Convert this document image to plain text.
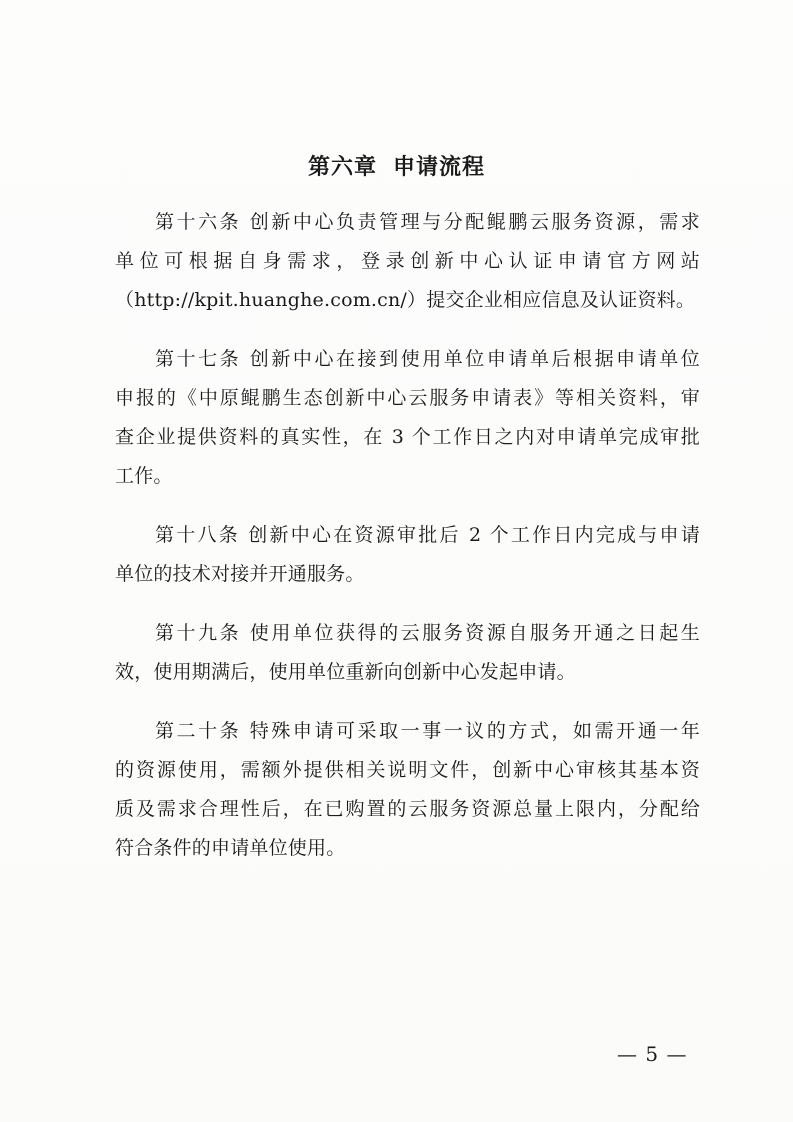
第六章 申请流程
第十六条 创新中心负责管理与分配鲲鹏云服务资源，需求
单位可根据自身需求，登录创新中心认证申请官方网站
（http://kpit.huanghe.com.cn/）提交企业相应信息及认证资料。
第十七条 创新中心在接到使用单位申请单后根据申请单位
申报的《中原鲲鹏生态创新中心云服务申请表》等相关资料，审
查企业提供资料的真实性，在 3 个工作日之内对申请单完成审批
工作。
第十八条 创新中心在资源审批后 2 个工作日内完成与申请
单位的技术对接并开通服务。
第十九条 使用单位获得的云服务资源自服务开通之日起生
效，使用期满后，使用单位重新向创新中心发起申请。
第二十条 特殊申请可采取一事一议的方式，如需开通一年
的资源使用，需额外提供相关说明文件，创新中心审核其基本资
质及需求合理性后，在已购置的云服务资源总量上限内，分配给
符合条件的申请单位使用。
— 5 —
